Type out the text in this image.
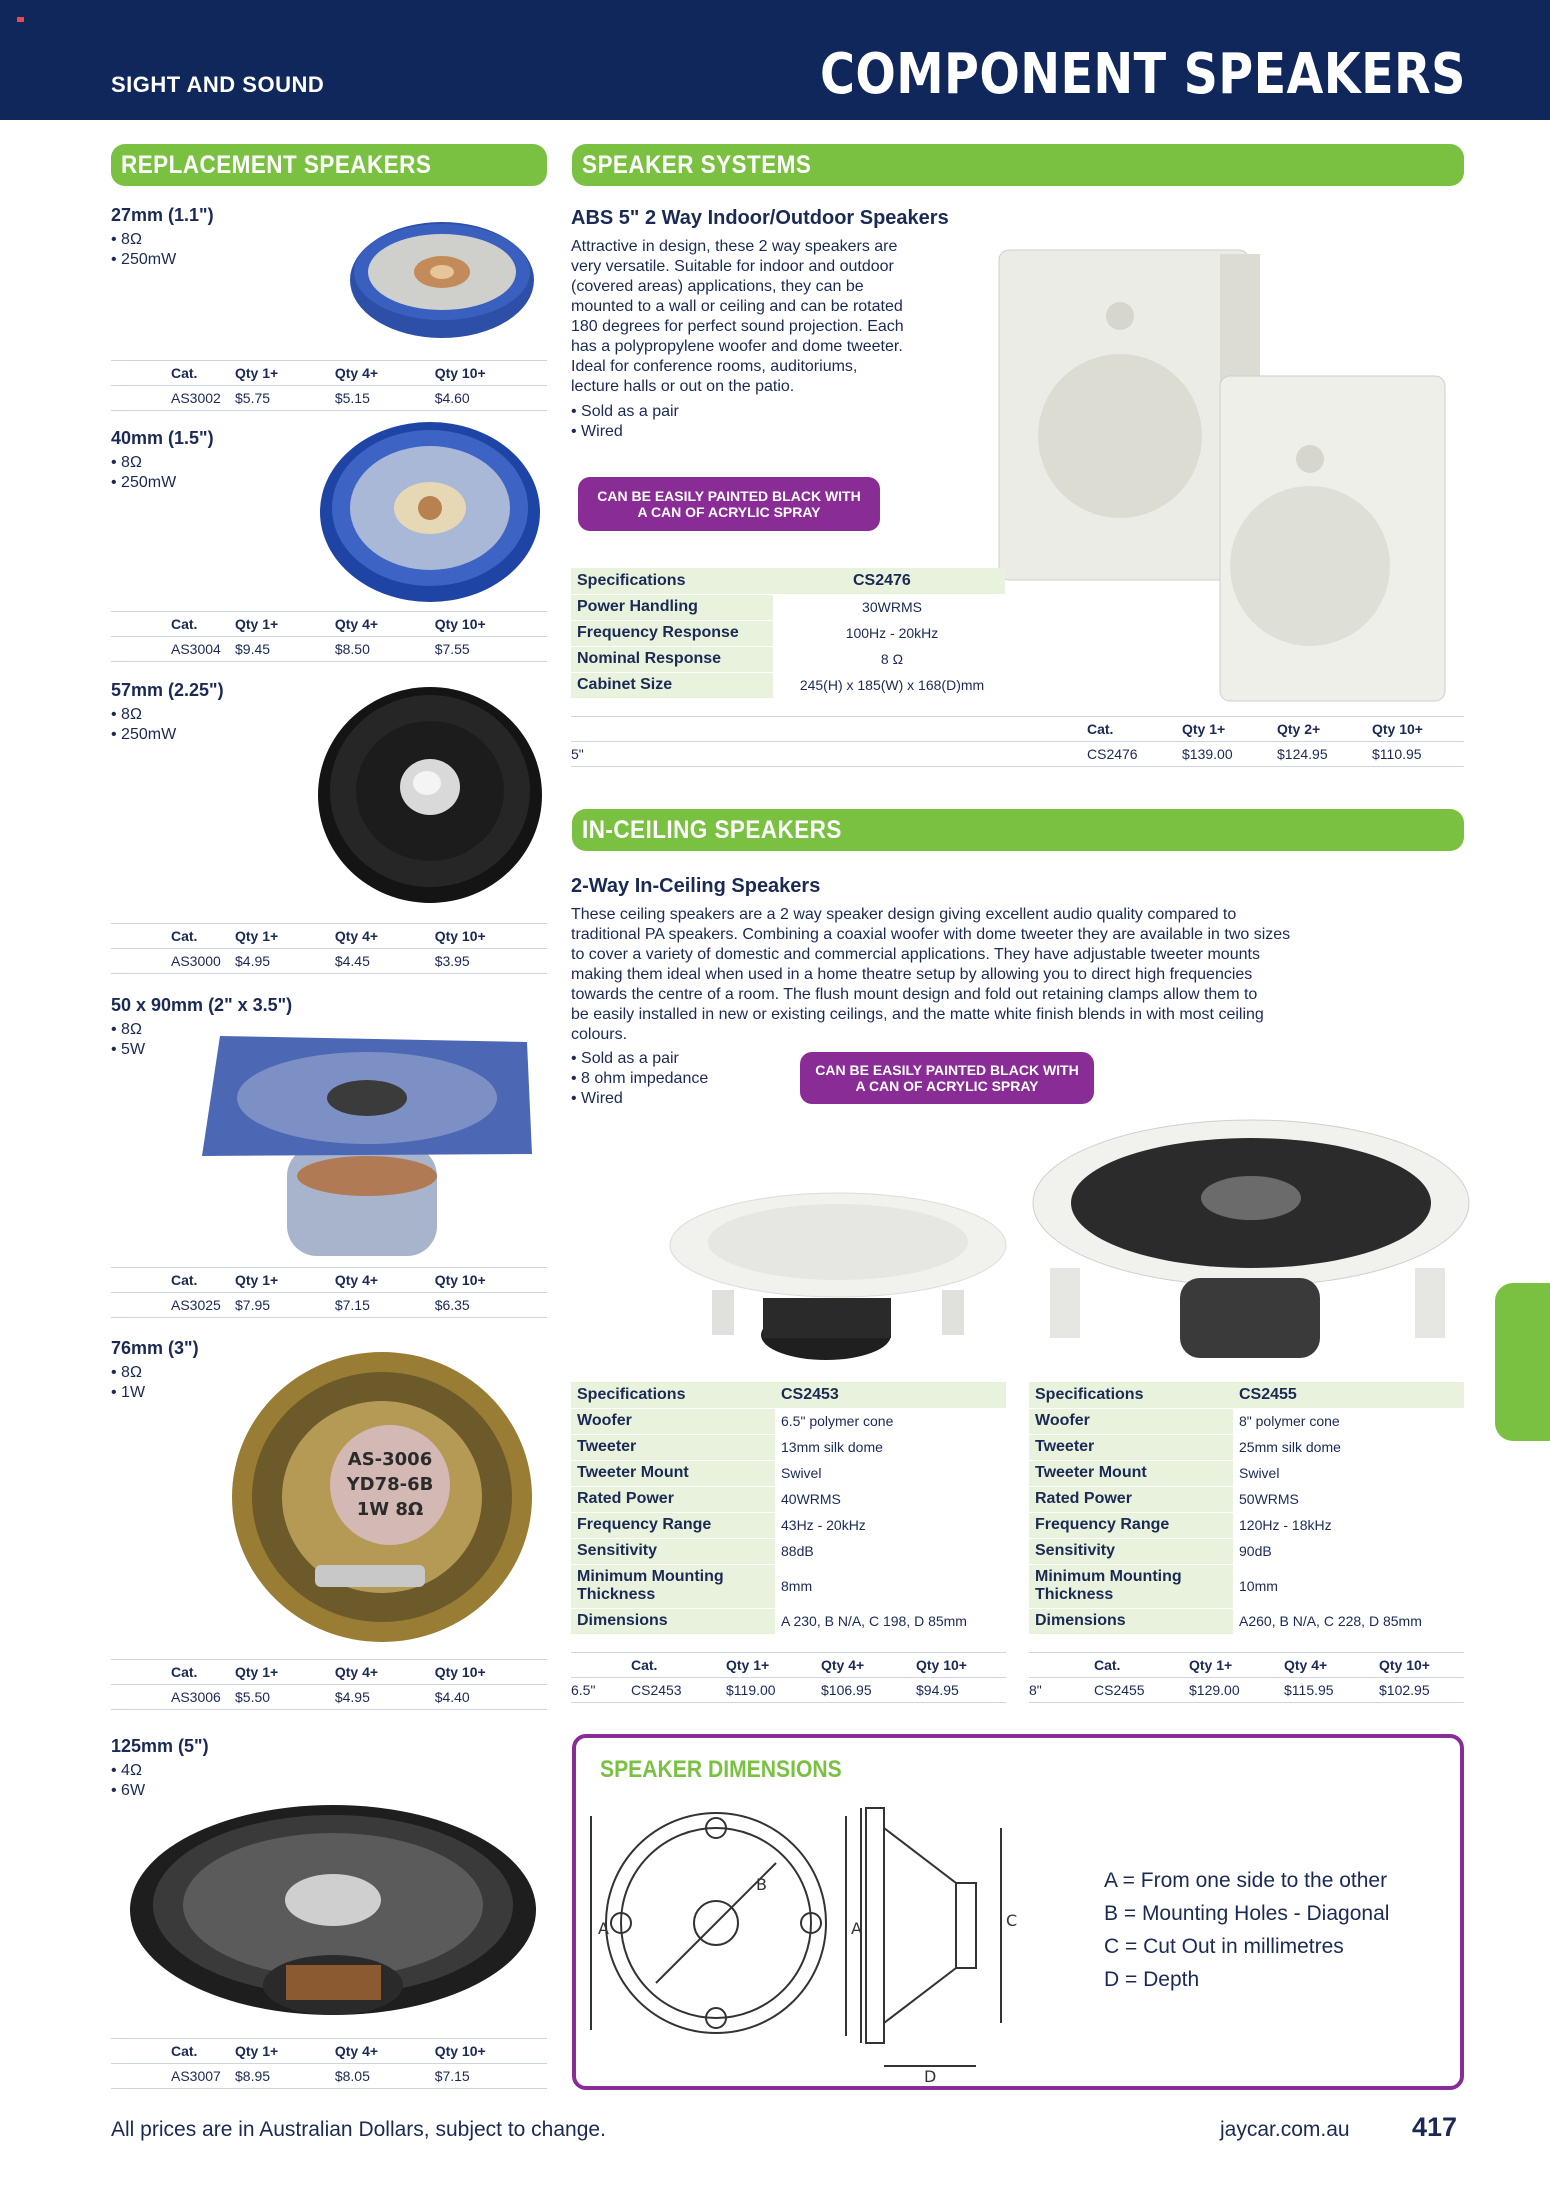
SIGHT AND SOUND	COMPONENT SPEAKERS
REPLACEMENT SPEAKERS	SPEAKER SYSTEMS
IN-CEILING SPEAKERS
27mm (1.1")
• 8Ω
• 250mW
Cat.	Qty 1+	Qty 4+	Qty 10+
AS3002	$5.75	$5.15	$4.60
40mm (1.5")
• 8Ω
• 250mW
Cat.	Qty 1+	Qty 4+	Qty 10+
AS3004	$9.45	$8.50	$7.55
57mm (2.25")
• 8Ω
• 250mW
Cat.	Qty 1+	Qty 4+	Qty 10+
AS3000	$4.95	$4.45	$3.95
50 x 90mm (2" x 3.5")
• 8Ω
• 5W
Cat.	Qty 1+	Qty 4+	Qty 10+
AS3025	$7.95	$7.15	$6.35
76mm (3")
• 8Ω
• 1W
AS-3006
YD78-6B
1W 8Ω
Cat.	Qty 1+	Qty 4+	Qty 10+
AS3006	$5.50	$4.95	$4.40
125mm (5")
• 4Ω
• 6W
Cat.	Qty 1+	Qty 4+	Qty 10+
AS3007	$8.95	$8.05	$7.15
ABS 5" 2 Way Indoor/Outdoor Speakers
Attractive in design, these 2 way speakers are
very versatile. Suitable for indoor and outdoor
(covered areas) applications, they can be
mounted to a wall or ceiling and can be rotated
180 degrees for perfect sound projection. Each
has a polypropylene woofer and dome tweeter.
Ideal for conference rooms, auditoriums,
lecture halls or out on the patio.
• Sold as a pair
• Wired
CAN BE EASILY PAINTED BLACK WITH
A CAN OF ACRYLIC SPRAY
Specifications	CS2476
Power Handling	30WRMS
Frequency Response	100Hz - 20kHz
Nominal Response	8 Ω
Cabinet Size	245(H) x 185(W) x 168(D)mm
	Cat.	Qty 1+	Qty 2+	Qty 10+
5"	CS2476	$139.00	$124.95	$110.95
2-Way In-Ceiling Speakers
These ceiling speakers are a 2 way speaker design giving excellent audio quality compared to
traditional PA speakers. Combining a coaxial woofer with dome tweeter they are available in two sizes
to cover a variety of domestic and commercial applications. They have adjustable tweeter mounts
making them ideal when used in a home theatre setup by allowing you to direct high frequencies
towards the centre of a room. The flush mount design and fold out retaining clamps allow them to
be easily installed in new or existing ceilings, and the matte white finish blends in with most ceiling
colours.
• Sold as a pair
• 8 ohm impedance
• Wired
CAN BE EASILY PAINTED BLACK WITH
A CAN OF ACRYLIC SPRAY
Specifications	CS2453
Woofer	6.5" polymer cone
Tweeter	13mm silk dome
Tweeter Mount	Swivel
Rated Power	40WRMS
Frequency Range	43Hz - 20kHz
Sensitivity	88dB
Minimum Mounting Thickness	8mm
Dimensions	A 230, B N/A, C 198, D 85mm
Specifications	CS2455
Woofer	8" polymer cone
Tweeter	25mm silk dome
Tweeter Mount	Swivel
Rated Power	50WRMS
Frequency Range	120Hz - 18kHz
Sensitivity	90dB
Minimum Mounting Thickness	10mm
Dimensions	A260, B N/A, C 228, D 85mm
	Cat.	Qty 1+	Qty 4+	Qty 10+
6.5"	CS2453	$119.00	$106.95	$94.95
	Cat.	Qty 1+	Qty 4+	Qty 10+
8"	CS2455	$129.00	$115.95	$102.95
SPEAKER DIMENSIONS
A
B
A	C
D
A = From one side to the other
B = Mounting Holes - Diagonal
C = Cut Out in millimetres
D = Depth
All prices are in Australian Dollars, subject to change.	jaycar.com.au 417
